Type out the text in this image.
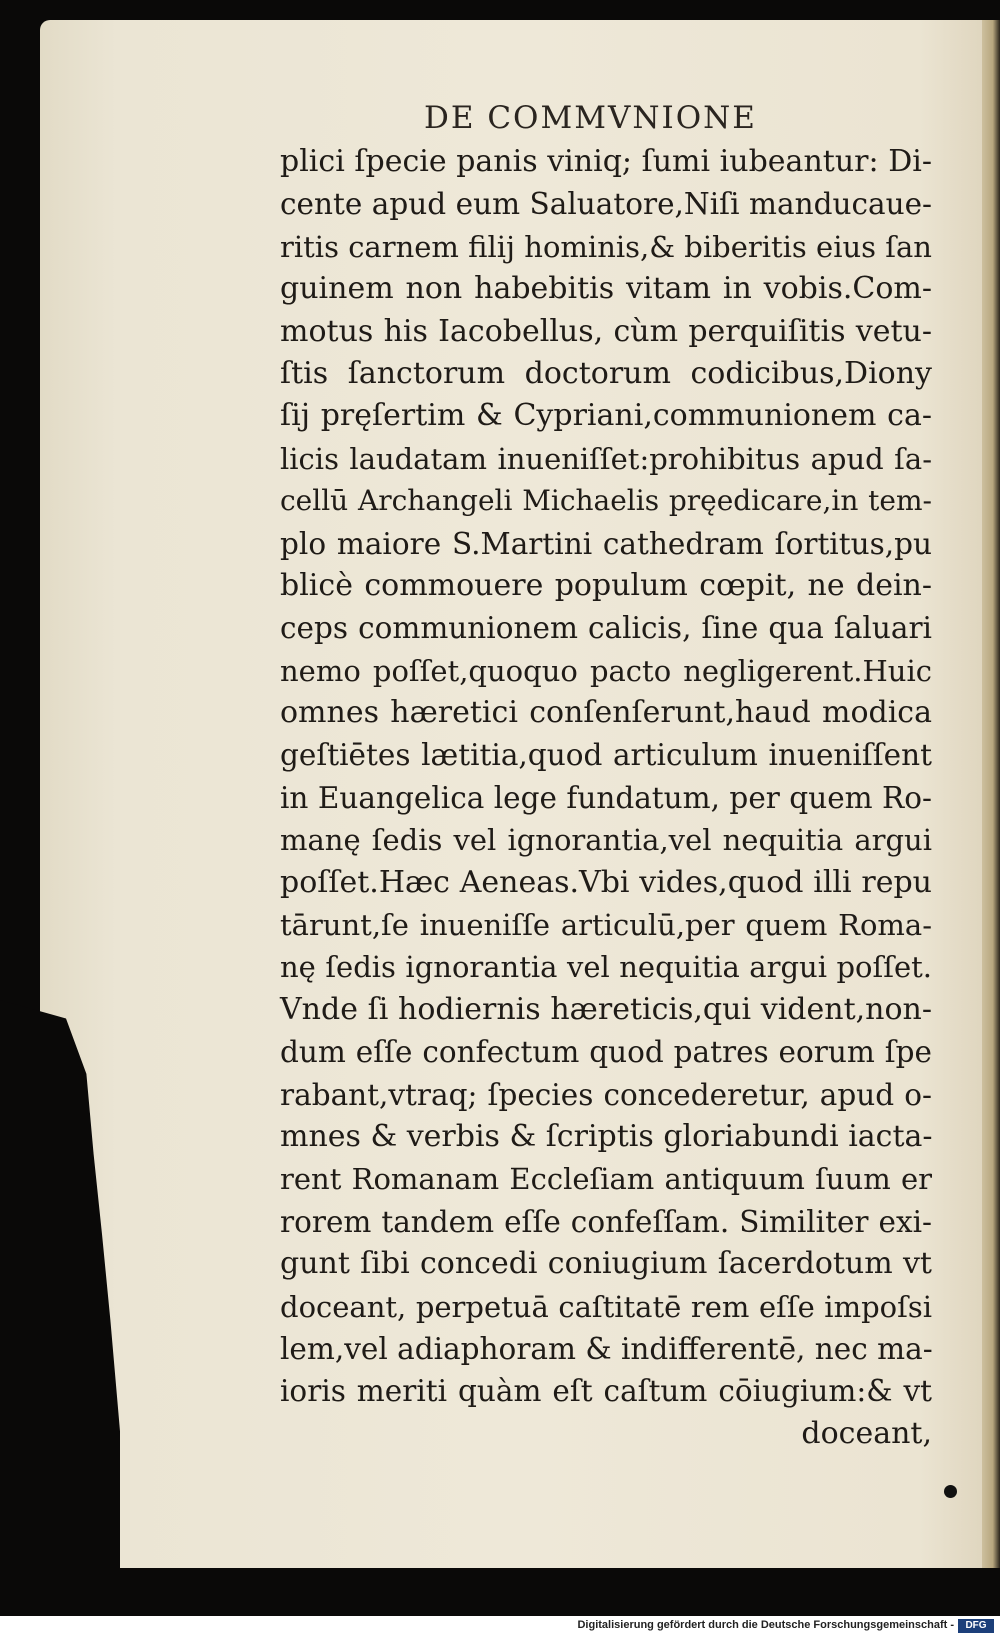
DE COMMVNIONE
plici ſpecie panis viniq; ſumi iubeantur: Di-
cente apud eum Saluatore,Niſi manducaue-
ritis carnem filij hominis,& biberitis eius ſan
guinem non habebitis vitam in vobis.Com-
motus his Iacobellus, cùm perquiſitis vetu-
ſtis ſanctorum doctorum codicibus,Diony
ſij pręſertim & Cypriani,communionem ca-
licis laudatam inueniſſet:prohibitus apud ſa-
cellū Archangeli Michaelis pręedicare,in tem-
plo maiore S.Martini cathedram ſortitus,pu
blicè commouere populum cœpit, ne dein-
ceps communionem calicis, ſine qua ſaluari
nemo poſſet,quoquo pacto negligerent.Huic
omnes hæretici conſenſerunt,haud modica
geſtiētes lætitia,quod articulum inueniſſent
in Euangelica lege fundatum, per quem Ro-
manę ſedis vel ignorantia,vel nequitia argui
poſſet.Hæc Aeneas.Vbi vides,quod illi repu
tārunt,ſe inueniſſe articulū,per quem Roma-
nę ſedis ignorantia vel nequitia argui poſſet.
Vnde ſi hodiernis hæreticis,qui vident,non-
dum eſſe confectum quod patres eorum ſpe
rabant,vtraq; ſpecies concederetur, apud o-
mnes & verbis & ſcriptis gloriabundi iacta-
rent Romanam Eccleſiam antiquum ſuum er
rorem tandem eſſe confeſſam. Similiter exi-
gunt ſibi concedi coniugium ſacerdotum vt
doceant, perpetuā caſtitatē rem eſſe impoſsi
lem,vel adiaphoram & indifferentē, nec ma-
ioris meriti quàm eſt caſtum cōiugium:& vt
doceant,
Digitalisierung gefördert durch die Deutsche Forschungsgemeinschaft -	DFG
